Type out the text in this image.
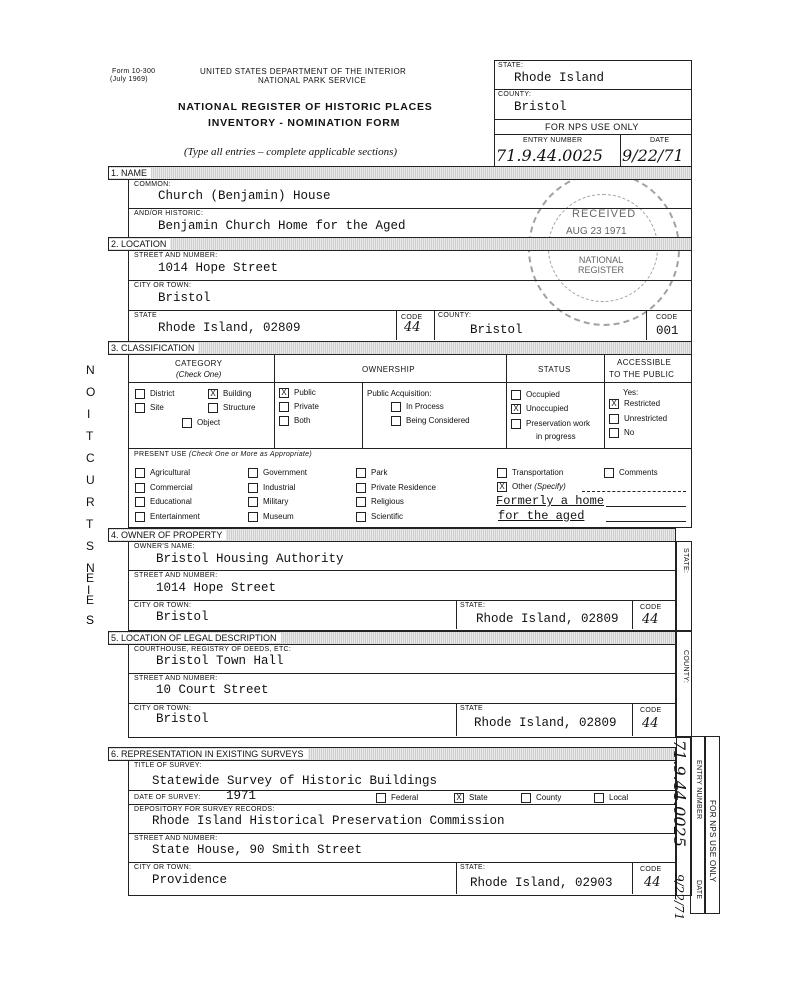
Form 10-300
(July 1969)
UNITED STATES DEPARTMENT OF THE INTERIOR
NATIONAL PARK SERVICE
NATIONAL REGISTER OF HISTORIC PLACES
INVENTORY - NOMINATION FORM
(Type all entries – complete applicable sections)
STATE:
Rhode Island
COUNTY:
Bristol
FOR NPS USE ONLY
ENTRY NUMBER	DATE
71.9.44.0025 9/22/71
RECEIVED
AUG 23 1971
NATIONAL REGISTER
N
O
I
T
C
U
R
T
S
N
I
E
E
S
1. NAME
COMMON:
Church (Benjamin) House
AND/OR HISTORIC:
Benjamin Church Home for the Aged
2. LOCATION
STREET AND NUMBER:
1014 Hope Street
CITY OR TOWN:
Bristol
STATE
Rhode Island, 02809
CODE
44
COUNTY:
Bristol
CODE
001
3. CLASSIFICATION
CATEGORY
(Check One)
OWNERSHIP	STATUS
ACCESSIBLE
TO THE PUBLIC
District	X Building
Site	Structure
Object
X Public
Private
Both
Public Acquisition:
In Process
Being Considered
Occupied
X Unoccupied
Preservation work
in progress
Yes:
X Restricted
Unrestricted
No
PRESENT USE (Check One or More as Appropriate)
Agricultural
Commercial
Educational
Entertainment
Government
Industrial
Military
Museum
Park
Private Residence
Religious
Scientific
Transportation	Comments
X Other (Specify)
Formerly a home
for the aged
4. OWNER OF PROPERTY
STATE:
OWNER'S NAME:
Bristol Housing Authority
STREET AND NUMBER:
1014 Hope Street
CITY OR TOWN:
Bristol
STATE:
Rhode Island, 02809
CODE
44
5. LOCATION OF LEGAL DESCRIPTION
COUNTY:
COURTHOUSE, REGISTRY OF DEEDS, ETC:
Bristol Town Hall
STREET AND NUMBER:
10 Court Street
CITY OR TOWN:
Bristol
STATE
Rhode Island, 02809
CODE
44
6. REPRESENTATION IN EXISTING SURVEYS
TITLE OF SURVEY:
Statewide Survey of Historic Buildings
DATE OF SURVEY: 1971	Federal	X State	County	Local
DEPOSITORY FOR SURVEY RECORDS:
Rhode Island Historical Preservation Commission
STREET AND NUMBER:
State House, 90 Smith Street
CITY OR TOWN:
Providence
STATE:
Rhode Island, 02903
CODE
44
ENTRY NUMBER
71.9.44.0025 FOR NPS USE ONLY
DATE
9/22/71
